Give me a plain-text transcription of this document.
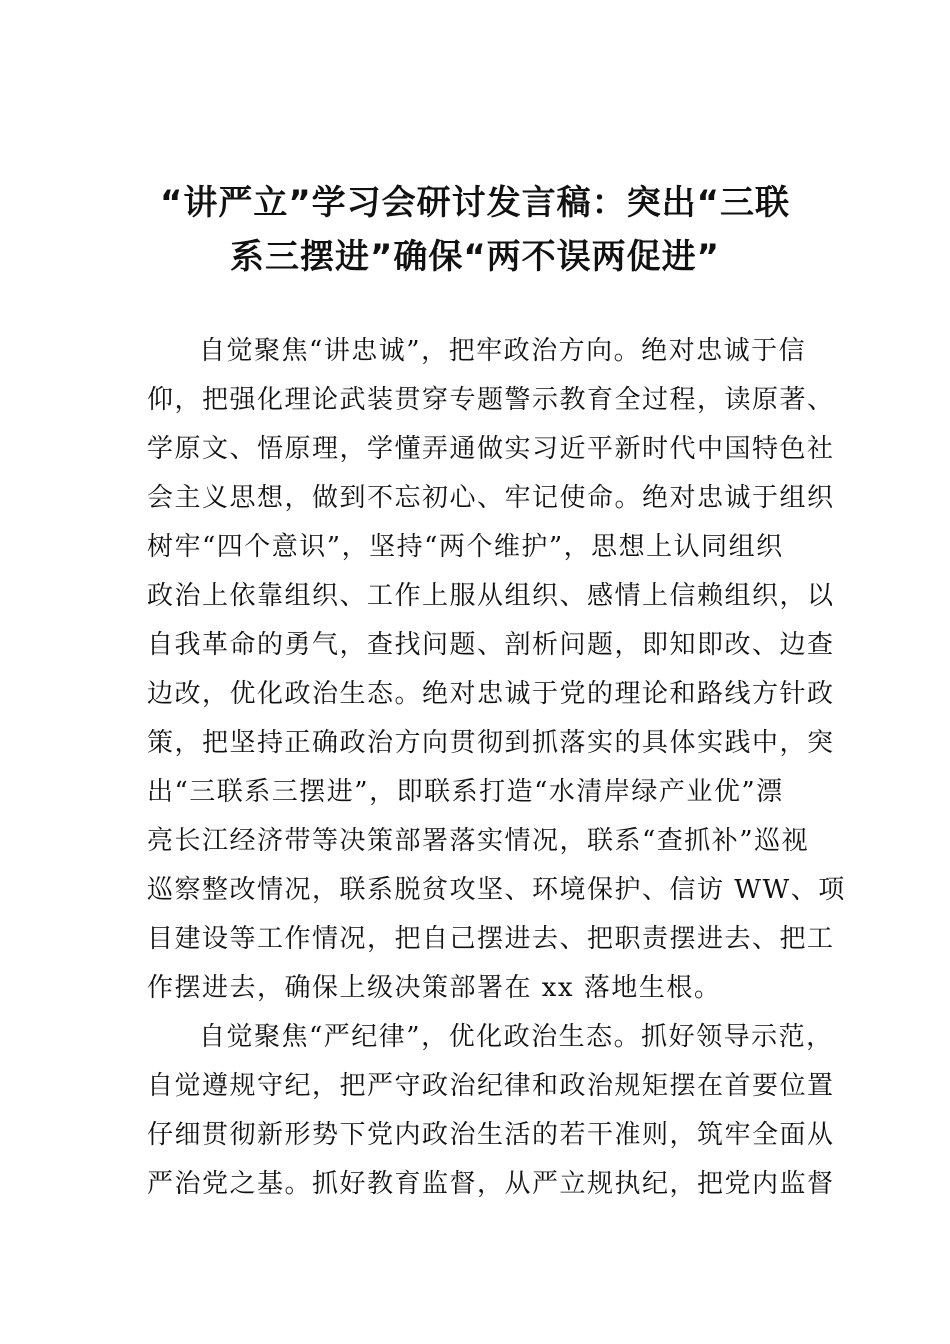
“讲严立”学习会研讨发言稿：突出“三联
系三摆进”确保“两不误两促进”
自觉聚焦“讲忠诚”，把牢政治方向。绝对忠诚于信
仰，把强化理论武装贯穿专题警示教育全过程，读原著、
学原文、悟原理，学懂弄通做实习近平新时代中国特色社
会主义思想，做到不忘初心、牢记使命。绝对忠诚于组织
树牢“四个意识”，坚持“两个维护”，思想上认同组织
政治上依靠组织、工作上服从组织、感情上信赖组织，以
自我革命的勇气，查找问题、剖析问题，即知即改、边查
边改，优化政治生态。绝对忠诚于党的理论和路线方针政
策，把坚持正确政治方向贯彻到抓落实的具体实践中，突
出“三联系三摆进”，即联系打造“水清岸绿产业优”漂
亮长江经济带等决策部署落实情况，联系“查抓补”巡视
巡察整改情况，联系脱贫攻坚、环境保护、信访 WW、项
目建设等工作情况，把自己摆进去、把职责摆进去、把工
作摆进去，确保上级决策部署在 xx 落地生根。
自觉聚焦“严纪律”，优化政治生态。抓好领导示范，
自觉遵规守纪，把严守政治纪律和政治规矩摆在首要位置
仔细贯彻新形势下党内政治生活的若干准则，筑牢全面从
严治党之基。抓好教育监督，从严立规执纪，把党内监督
